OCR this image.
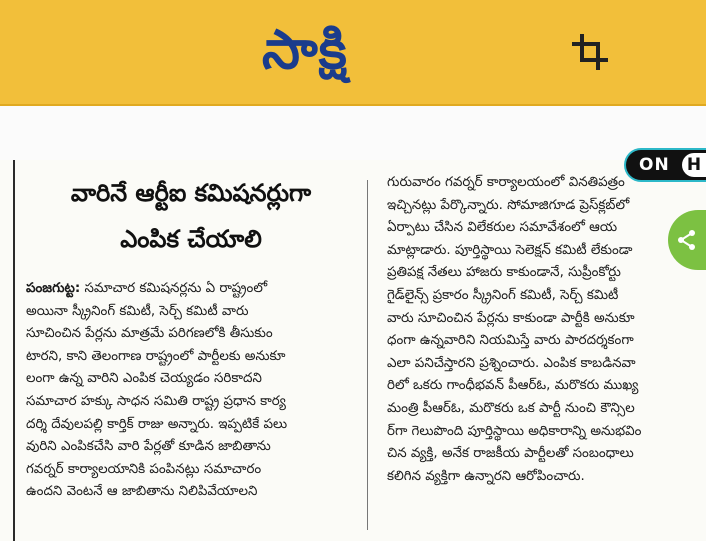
సాక్షి
వారినే ఆర్టీఐ కమిషనర్లుగా
ఎంపిక చేయాలి
పంజగుట్ట: సమాచార కమిషనర్లను ఏ రాష్ట్రంలో
అయినా స్క్రీనింగ్ కమిటీ, సెర్చ్ కమిటీ వారు
సూచించిన పేర్లను మాత్రమే పరిగణలోకి తీసుకుం
టారని, కాని తెలంగాణ రాష్ట్రంలో పార్టీలకు అనుకూ
లంగా ఉన్న వారిని ఎంపిక చెయ్యడం సరికాదని
సమాచార హక్కు సాధన సమితి రాష్ట్ర ప్రధాన కార్య
దర్శి దేవులపల్లి కార్తిక్ రాజు అన్నారు. ఇప్పటికే పలు
వురిని ఎంపికచేసి వారి పేర్లతో కూడిన జాబితాను
గవర్నర్ కార్యాలయానికి పంపినట్లు సమాచారం
ఉందని వెంటనే ఆ జాబితాను నిలిపివేయాలని
గురువారం గవర్నర్ కార్యాలయంలో వినతిపత్రం
ఇచ్చినట్లు పేర్కొన్నారు. సోమాజిగూడ ప్రెస్‌క్లబ్‌లో
ఏర్పాటు చేసిన విలేకరుల సమావేశంలో ఆయ
మాట్లాడారు. పూర్తిస్థాయి సెలెక్షన్ కమిటీ లేకుండా
ప్రతిపక్ష నేతలు హాజరు కాకుండానే, సుప్రీంకోర్టు
గైడ్‌లైన్స్ ప్రకారం స్క్రీనింగ్ కమిటీ, సెర్చ్ కమిటీ
వారు సూచించిన పేర్లను కాకుండా పార్టీకి అనుకూ
ధంగా ఉన్నవారిని నియమిస్తే వారు పారదర్శకంగా
ఎలా పనిచేస్తారని ప్రశ్నించారు. ఎంపిక కాబడినవా
రిలో ఒకరు గాంధీభవన్ పీఆర్‌ఓ, మరొకరు ముఖ్య
మంత్రి పీఆర్‌ఓ, మరొకరు ఒక పార్టీ నుంచి కౌన్సిల
ర్‌గా గెలుపొంది పూర్తిస్థాయి అధికారాన్ని అనుభవిం
చిన వ్యక్తి, అనేక రాజకీయ పార్టీలతో సంబంధాలు
కలిగిన వ్యక్తిగా ఉన్నారని ఆరోపించారు.
ON H
